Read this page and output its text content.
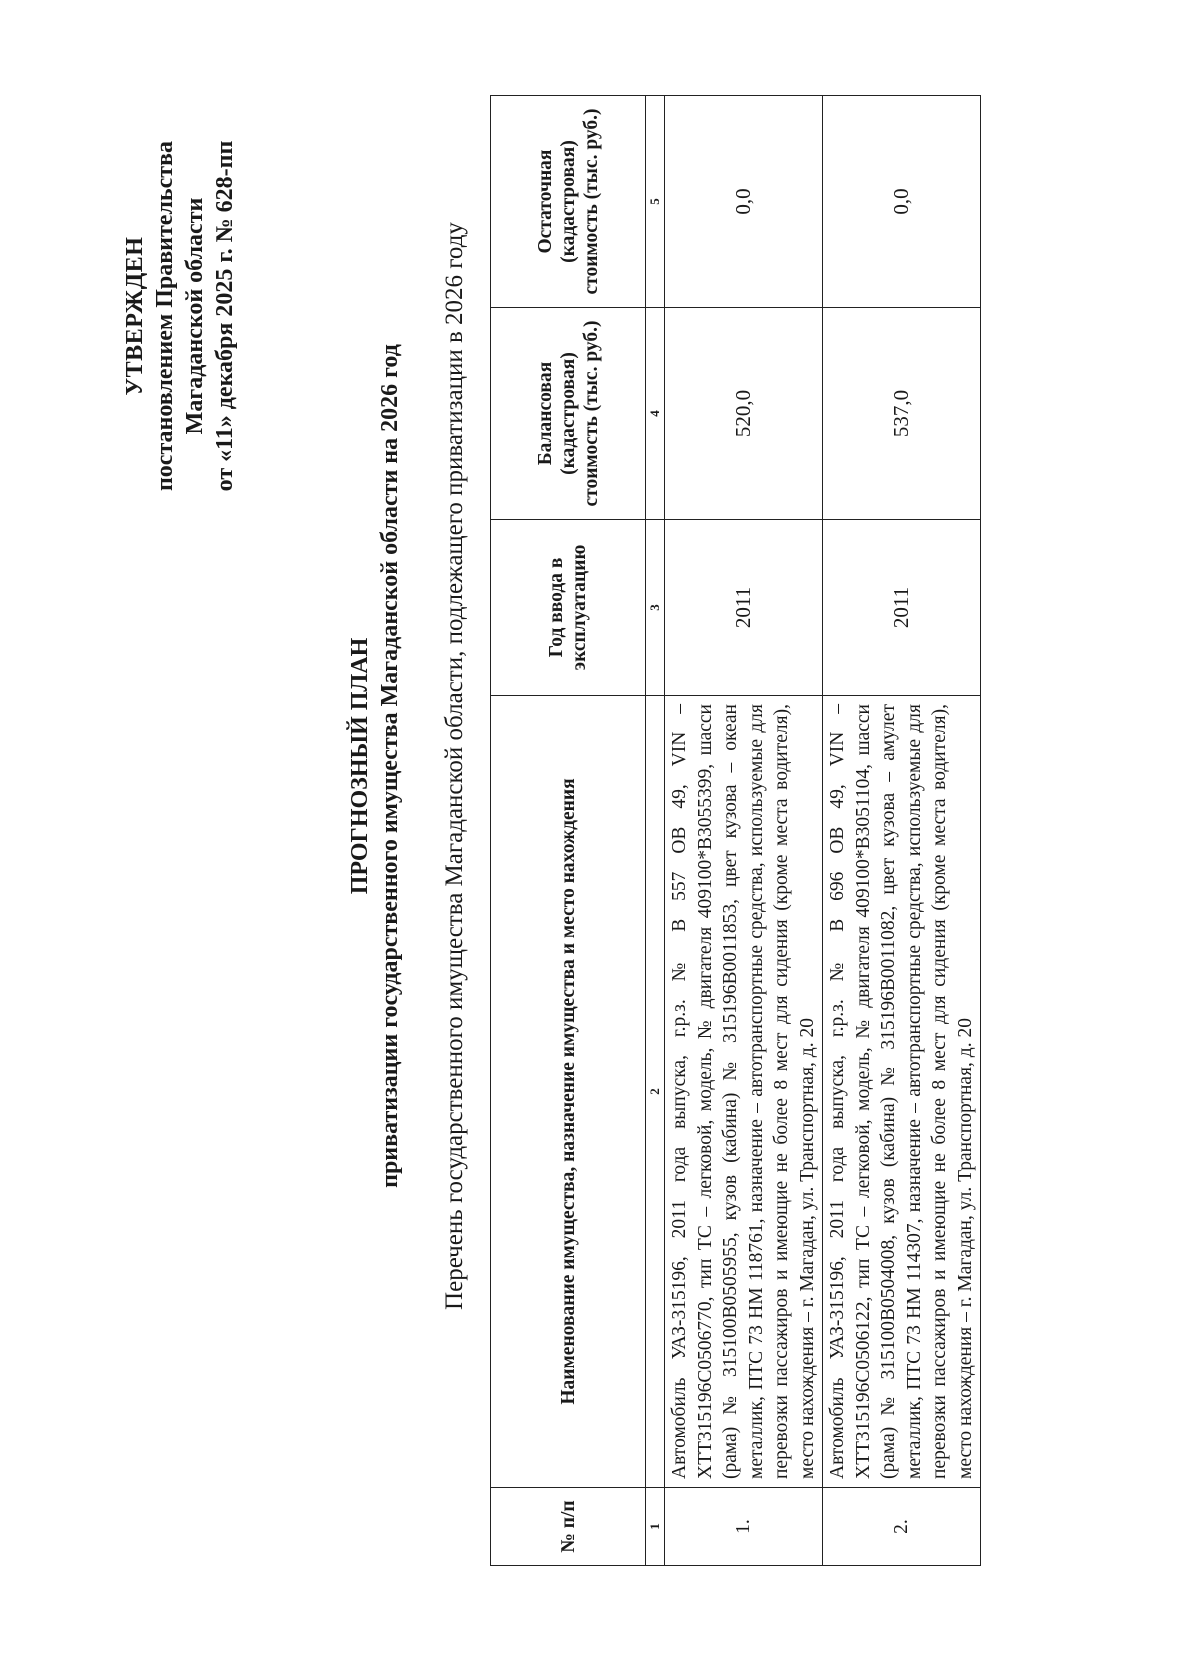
УТВЕРЖДЕН постановлением Правительства Магаданской области от «11» декабря 2025 г. № 628-пп
ПРОГНОЗНЫЙ ПЛАН приватизации государственного имущества Магаданской области на 2026 год Перечень государственного имущества Магаданской области, подлежащего приватизации в 2026 году
№ п/п	Наименование имущества, назначение имущества и место нахождения	Год ввода в эксплуатацию	Балансовая (кадастровая) стоимость (тыс. руб.)	Остаточная (кадастровая) стоимость (тыс. руб.)
1	2	3	4	5
1.	Автомобиль УАЗ-315196, 2011 года выпуска, г.р.з. № В 557 ОВ 49, VIN – XTT315196C0506770, тип ТС – легковой, модель, № двигателя 409100*В3055399, шасси (рама) № 315100В0505955, кузов (кабина) № 315196В0011853, цвет кузова – океан металлик, ПТС 73 НМ 118761, назначение – автотранспортные средства, используемые для перевозки пассажиров и имеющие не более 8 мест для сидения (кроме места водителя), место нахождения – г. Магадан, ул. Транспортная, д. 20	2011	520,0	0,0
2.	Автомобиль УАЗ-315196, 2011 года выпуска, г.р.з. № В 696 ОВ 49, VIN – XTT315196C0506122, тип ТС – легковой, модель, № двигателя 409100*В3051104, шасси (рама) № 315100В0504008, кузов (кабина) № 315196В0011082, цвет кузова – амулет металлик, ПТС 73 НМ 114307, назначение – автотранспортные средства, используемые для перевозки пассажиров и имеющие не более 8 мест для сидения (кроме места водителя), место нахождения – г. Магадан, ул. Транспортная, д. 20	2011	537,0	0,0
